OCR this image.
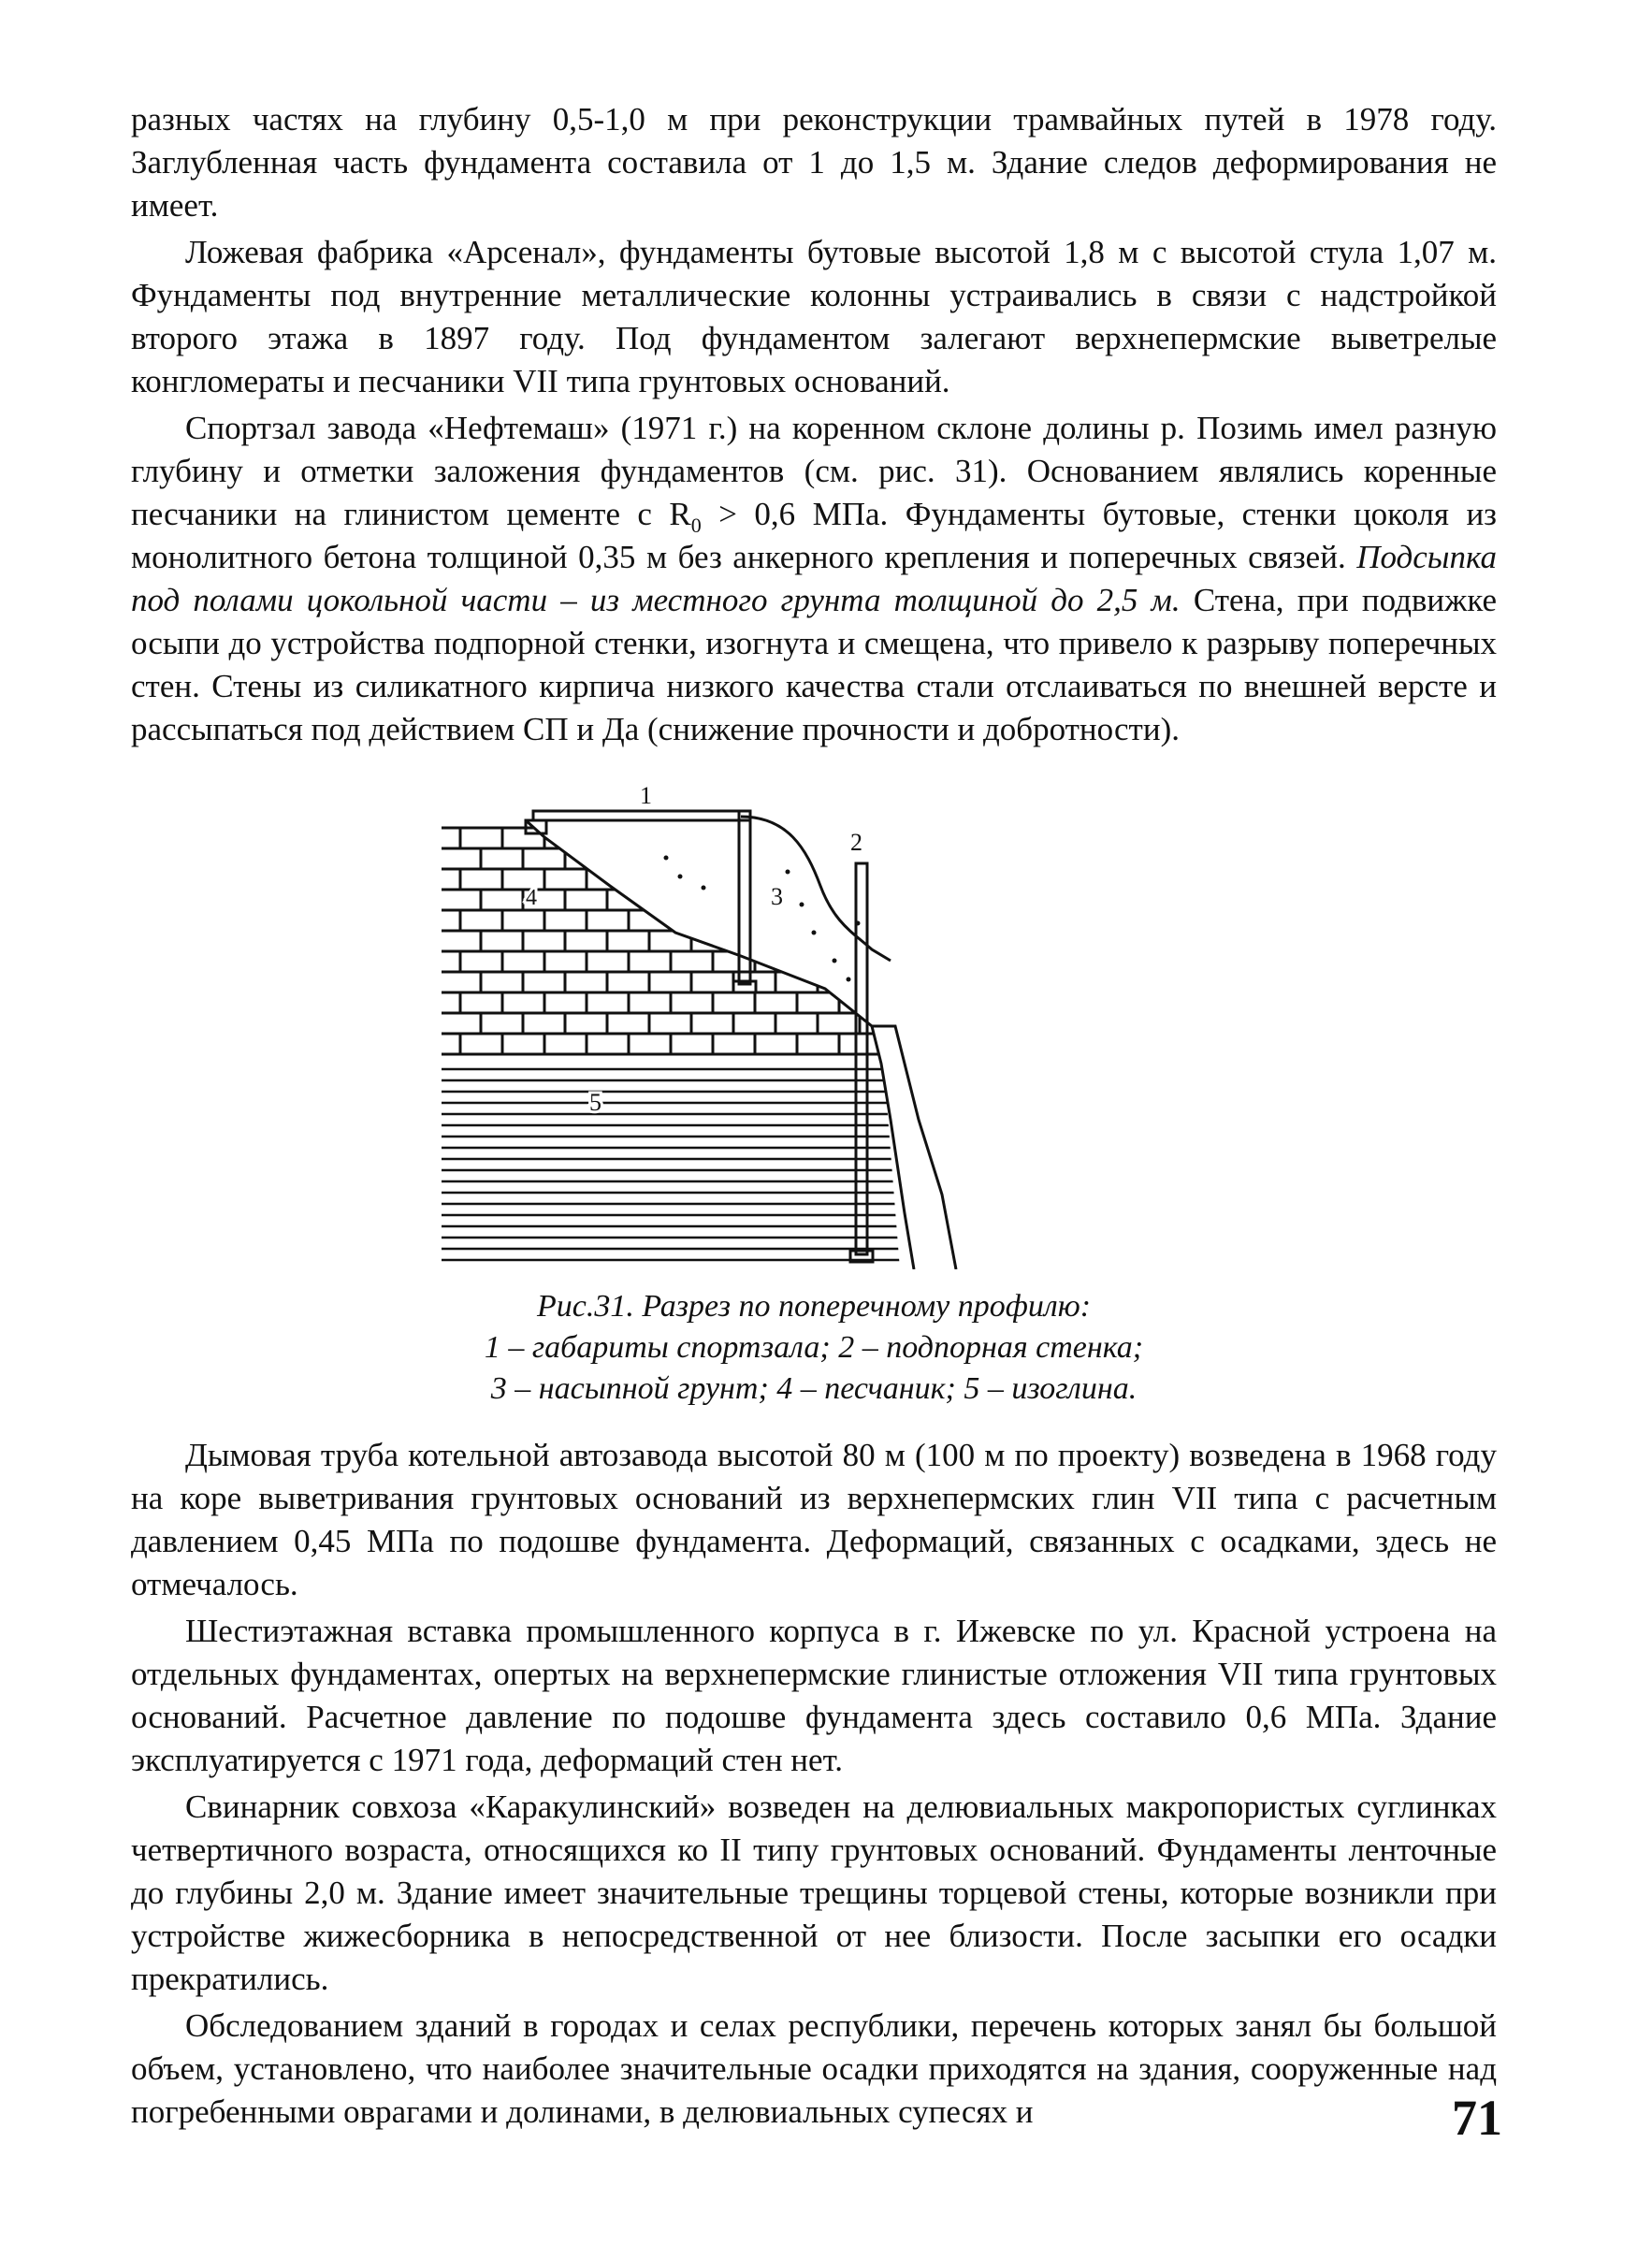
разных частях на глубину 0,5-1,0 м при реконструкции трамвайных путей в 1978 году. Заглубленная часть фундамента составила от 1 до 1,5 м. Здание следов деформирования не имеет.

Ложевая фабрика «Арсенал», фундаменты бутовые высотой 1,8 м с высотой стула 1,07 м. Фундаменты под внутренние металлические колонны устраивались в связи с надстройкой второго этажа в 1897 году. Под фундаментом залегают верхнепермские выветрелые конгломераты и песчаники VII типа грунтовых оснований.

Спортзал завода «Нефтемаш» (1971 г.) на коренном склоне долины р. Позимь имел разную глубину и отметки заложения фундаментов (см. рис. 31). Основанием являлись коренные песчаники на глинистом цементе с $R_0 > 0,6$ МПа. Фундаменты бутовые, стенки цоколя из монолитного бетона толщиной 0,35 м без анкерного крепления и поперечных связей. Подсыпка под полами цокольной части – из местного грунта толщиной до 2,5 м. Стена, при подвижке осыпи до устройства подпорной стенки, изогнута и смещена, что привело к разрыву поперечных стен. Стены из силикатного кирпича низкого качества стали отслаиваться по внешней версте и рассыпаться под действием СП и Да (снижение прочности и добротности).

1
2
3
4
5
Рис.31. Разрез по поперечному профилю:
1 – габариты спортзала; 2 – подпорная стенка;
3 – насыпной грунт; 4 – песчаник; 5 – изоглина.

Дымовая труба котельной автозавода высотой 80 м (100 м по проекту) возведена в 1968 году на коре выветривания грунтовых оснований из верхнепермских глин VII типа с расчетным давлением 0,45 МПа по подошве фундамента. Деформаций, связанных с осадками, здесь не отмечалось.

Шестиэтажная вставка промышленного корпуса в г. Ижевске по ул. Красной устроена на отдельных фундаментах, опертых на верхнепермские глинистые отложения VII типа грунтовых оснований. Расчетное давление по подошве фундамента здесь составило 0,6 МПа. Здание эксплуатируется с 1971 года, деформаций стен нет.

Свинарник совхоза «Каракулинский» возведен на делювиальных макропористых суглинках четвертичного возраста, относящихся ко II типу грунтовых оснований. Фундаменты ленточные до глубины 2,0 м. Здание имеет значительные трещины торцевой стены, которые возникли при устройстве жижесборника в непосредственной от нее близости. После засыпки его осадки прекратились.

Обследованием зданий в городах и селах республики, перечень которых занял бы большой объем, установлено, что наиболее значительные осадки приходятся на здания, сооруженные над погребенными оврагами и долинами, в делювиальных супесях и	71
